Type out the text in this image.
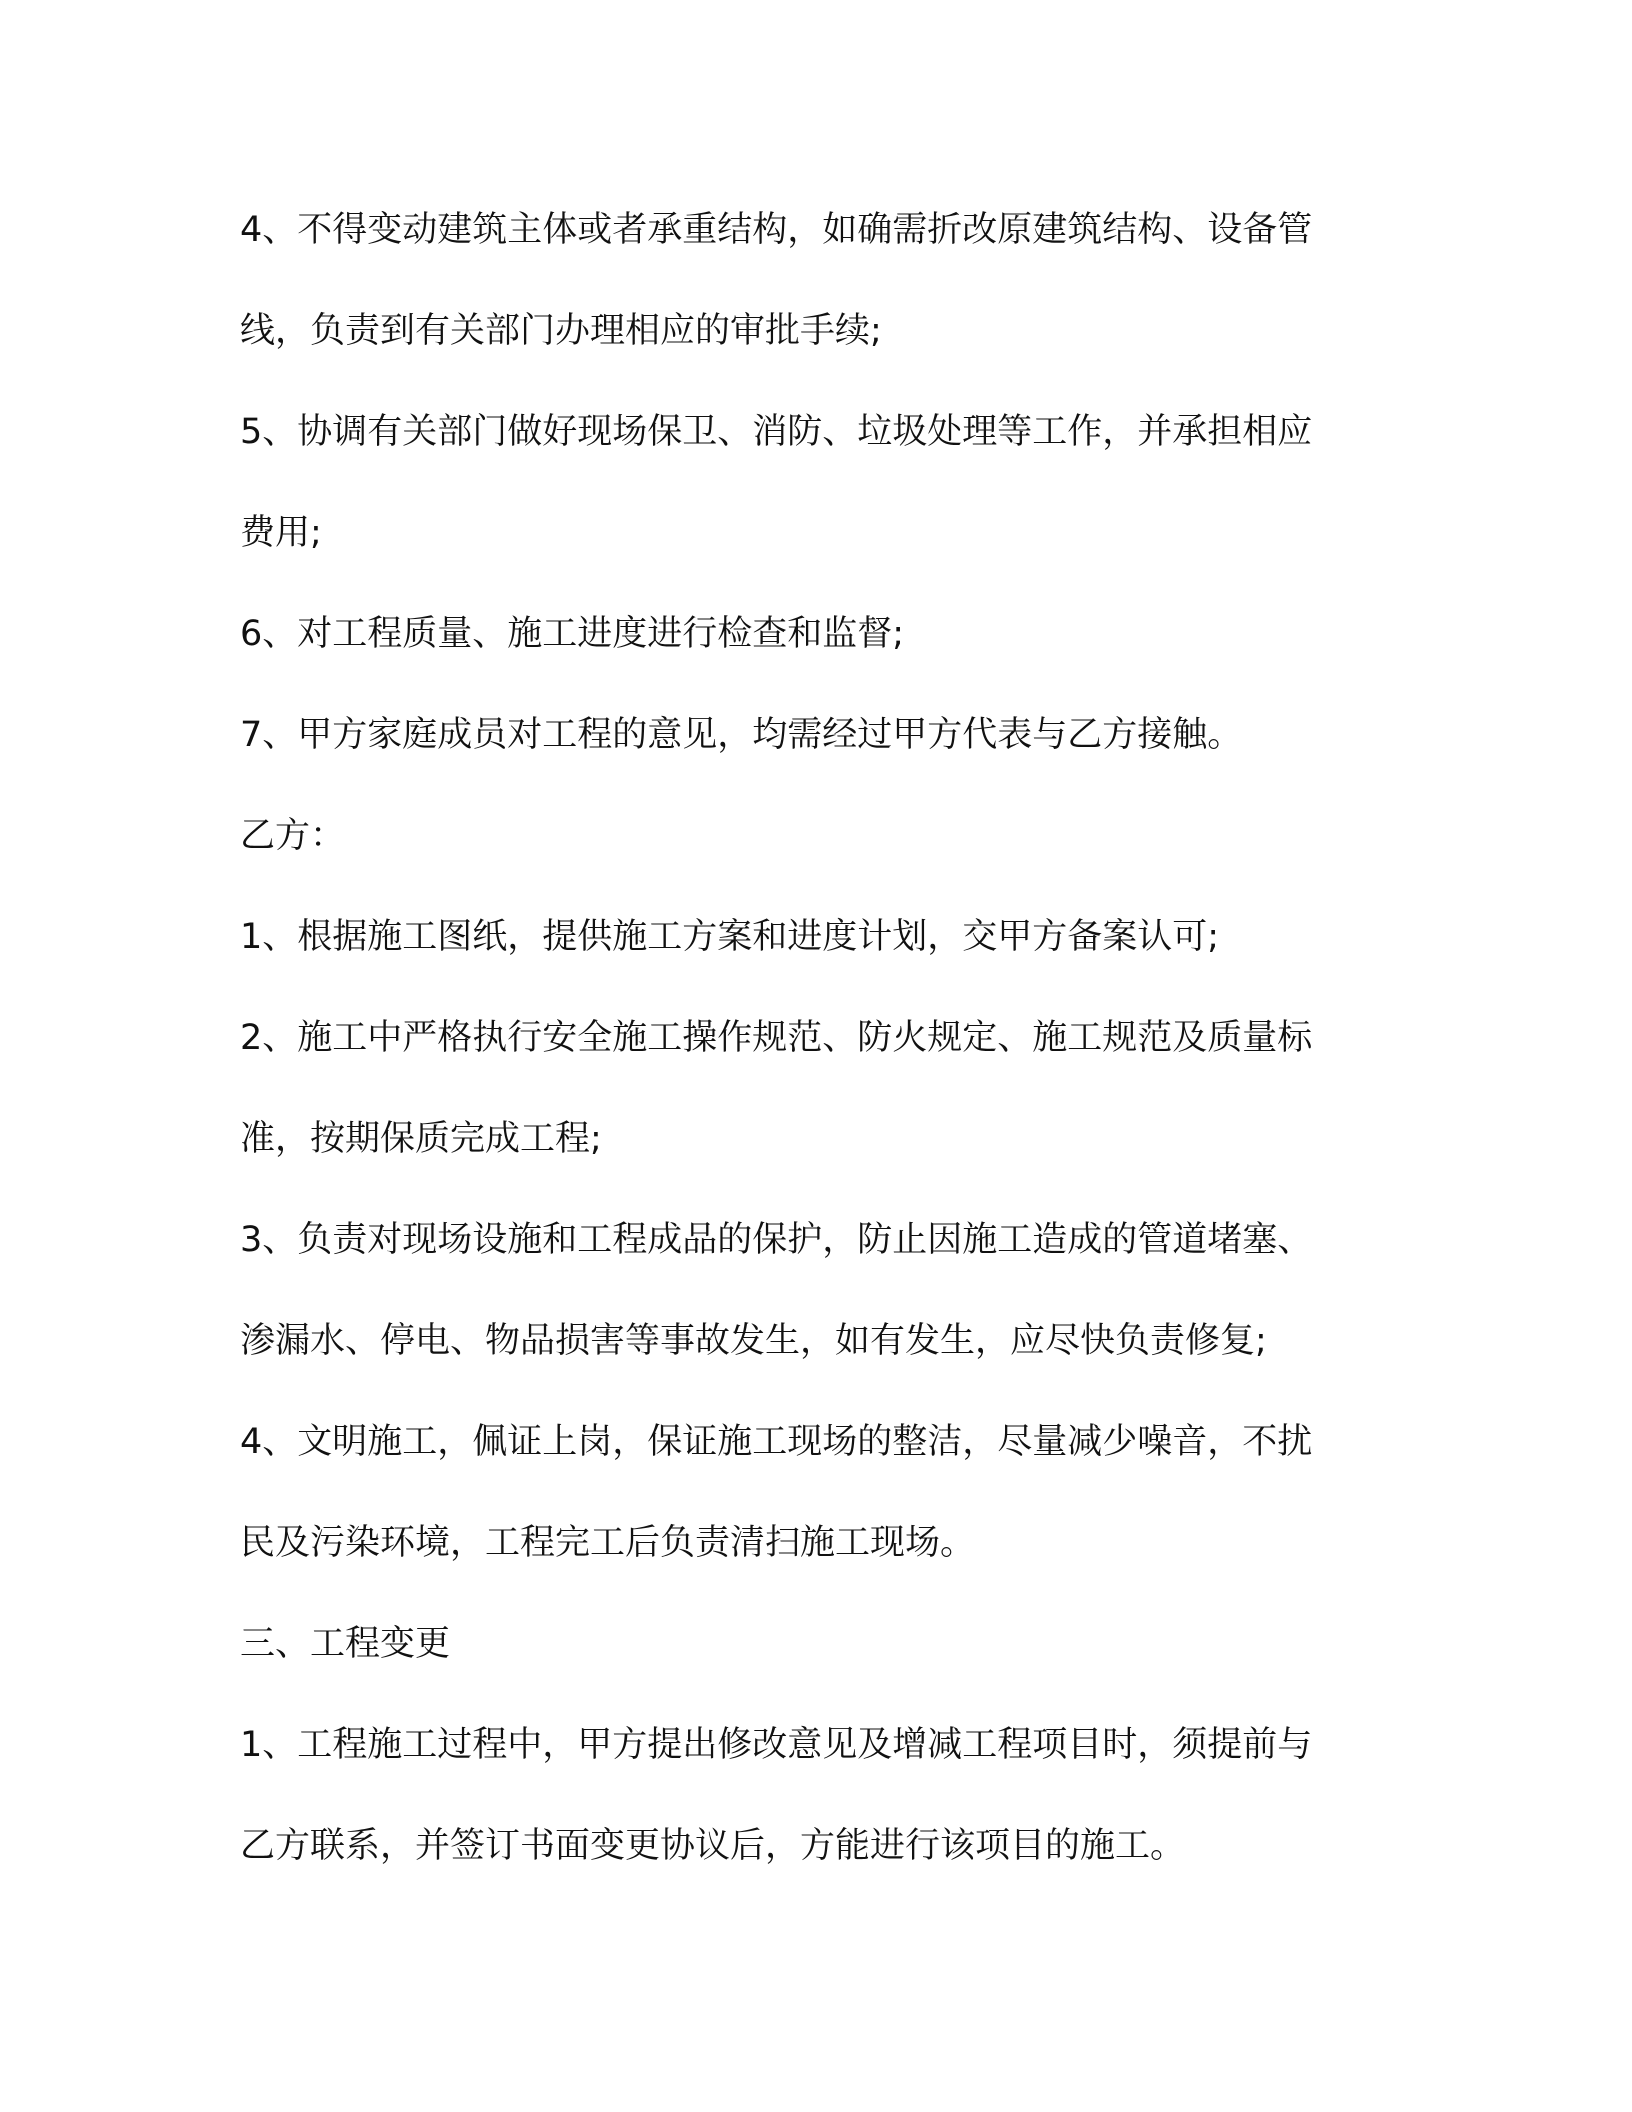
4、不得变动建筑主体或者承重结构，如确需折改原建筑结构、设备管

线，负责到有关部门办理相应的审批手续;

5、协调有关部门做好现场保卫、消防、垃圾处理等工作，并承担相应

费用;

6、对工程质量、施工进度进行检查和监督;

7、甲方家庭成员对工程的意见，均需经过甲方代表与乙方接触。

乙方：

1、根据施工图纸，提供施工方案和进度计划，交甲方备案认可;

2、施工中严格执行安全施工操作规范、防火规定、施工规范及质量标

准，按期保质完成工程;

3、负责对现场设施和工程成品的保护，防止因施工造成的管道堵塞、

渗漏水、停电、物品损害等事故发生，如有发生，应尽快负责修复;

4、文明施工，佩证上岗，保证施工现场的整洁，尽量减少噪音，不扰

民及污染环境，工程完工后负责清扫施工现场。

三、工程变更

1、工程施工过程中，甲方提出修改意见及增减工程项目时，须提前与

乙方联系，并签订书面变更协议后，方能进行该项目的施工。
